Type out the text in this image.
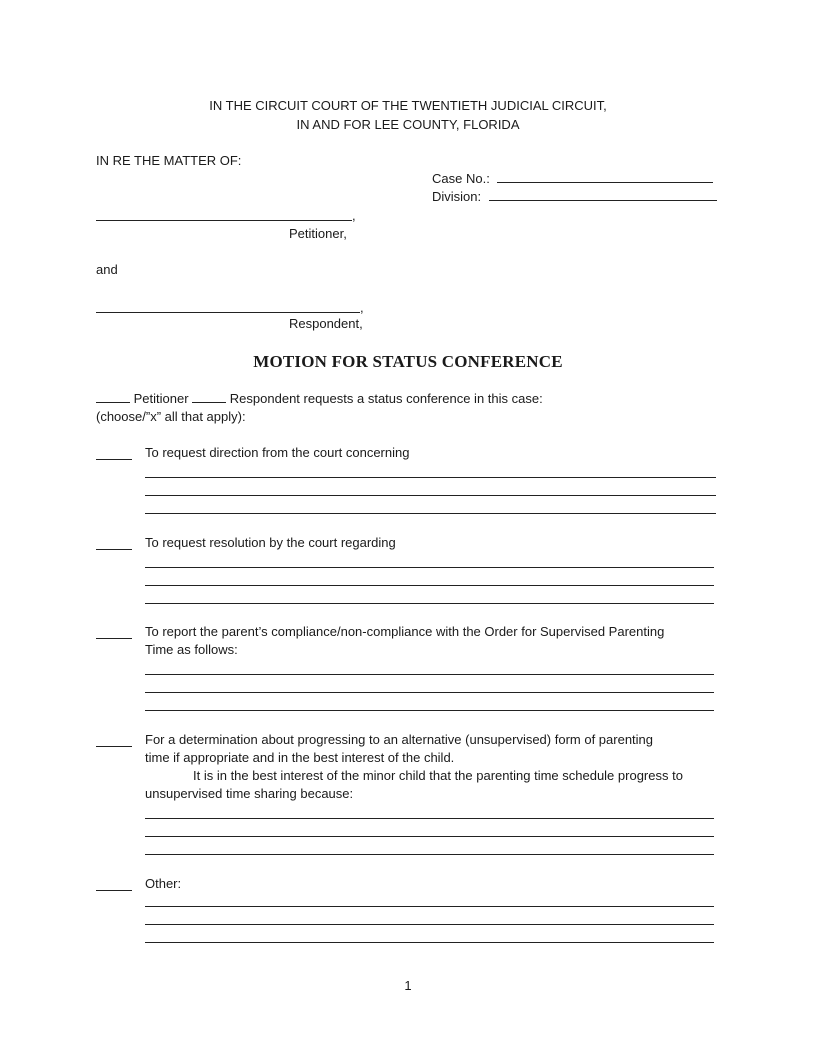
IN THE CIRCUIT COURT OF THE TWENTIETH JUDICIAL CIRCUIT,
IN AND FOR LEE COUNTY, FLORIDA
IN RE THE MATTER OF:
Case No.:
Division:
,
Petitioner,
and
,
Respondent,
MOTION FOR STATUS CONFERENCE
Petitioner	Respondent requests a status conference in this case:
(choose/”x” all that apply):
To request direction from the court concerning
To request resolution by the court regarding
To report the parent’s compliance/non-compliance with the Order for Supervised Parenting
Time as follows:
For a determination about progressing to an alternative (unsupervised) form of parenting
time if appropriate and in the best interest of the child.
It is in the best interest of the minor child that the parenting time schedule progress to
unsupervised time sharing because:
Other:
1
